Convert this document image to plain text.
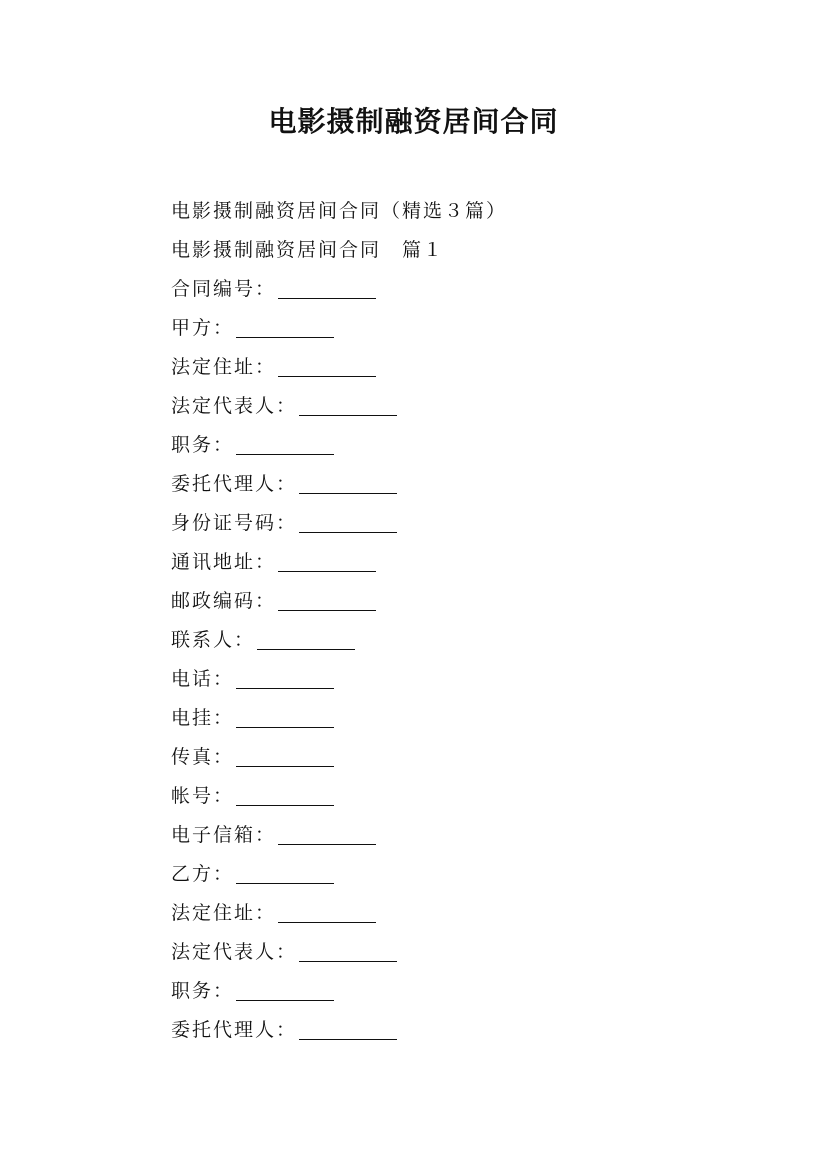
电影摄制融资居间合同
电影摄制融资居间合同（精选３篇）
电影摄制融资居间合同　篇１
合同编号：
甲方：
法定住址：
法定代表人：
职务：
委托代理人：
身份证号码：
通讯地址：
邮政编码：
联系人：
电话：
电挂：
传真：
帐号：
电子信箱：
乙方：
法定住址：
法定代表人：
职务：
委托代理人：
